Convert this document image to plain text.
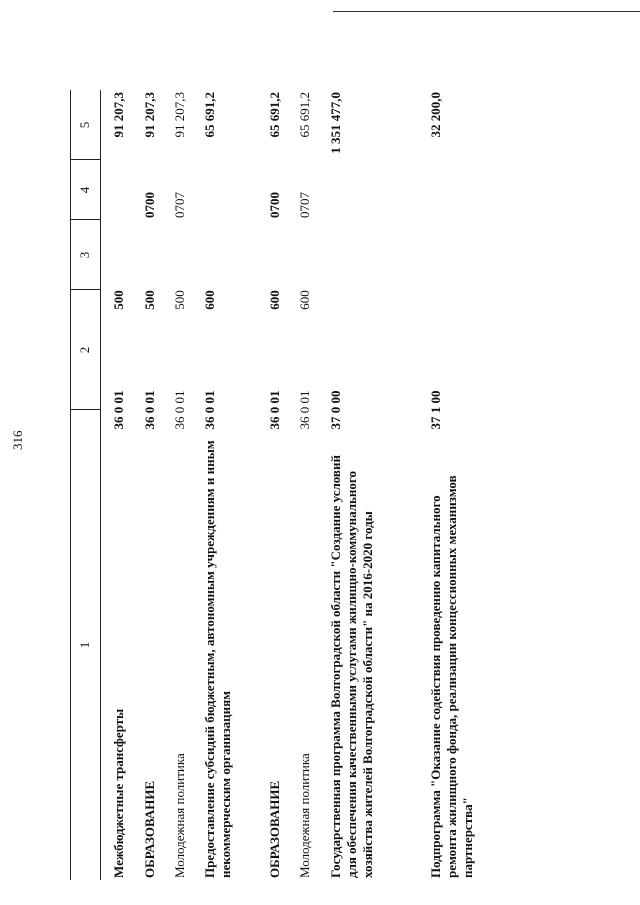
316
1
2
3
4
5
Межбюджетные трансферты
36 0 01
500
91 207,3
ОБРАЗОВАНИЕ
36 0 01
500
0700
91 207,3
Молодежная политика
36 0 01
500
0707
91 207,3
Предоставление субсидий бюджетным, автономным учреждениям и иным некоммерческим организациям
36 0 01
600
65 691,2
ОБРАЗОВАНИЕ
36 0 01
600
0700
65 691,2
Молодежная политика
36 0 01
600
0707
65 691,2
Государственная программа Волгоградской области "Создание условий для обеспечения качественными услугами жилищно-коммунального хозяйства жителей Волгоградской области" на 2016-2020 годы
37 0 00
1 351 477,0
Подпрограмма "Оказание содействия проведению капитального ремонта жилищного фонда, реализации концессионных механизмов партнерства"
37 1 00
32 200,0
